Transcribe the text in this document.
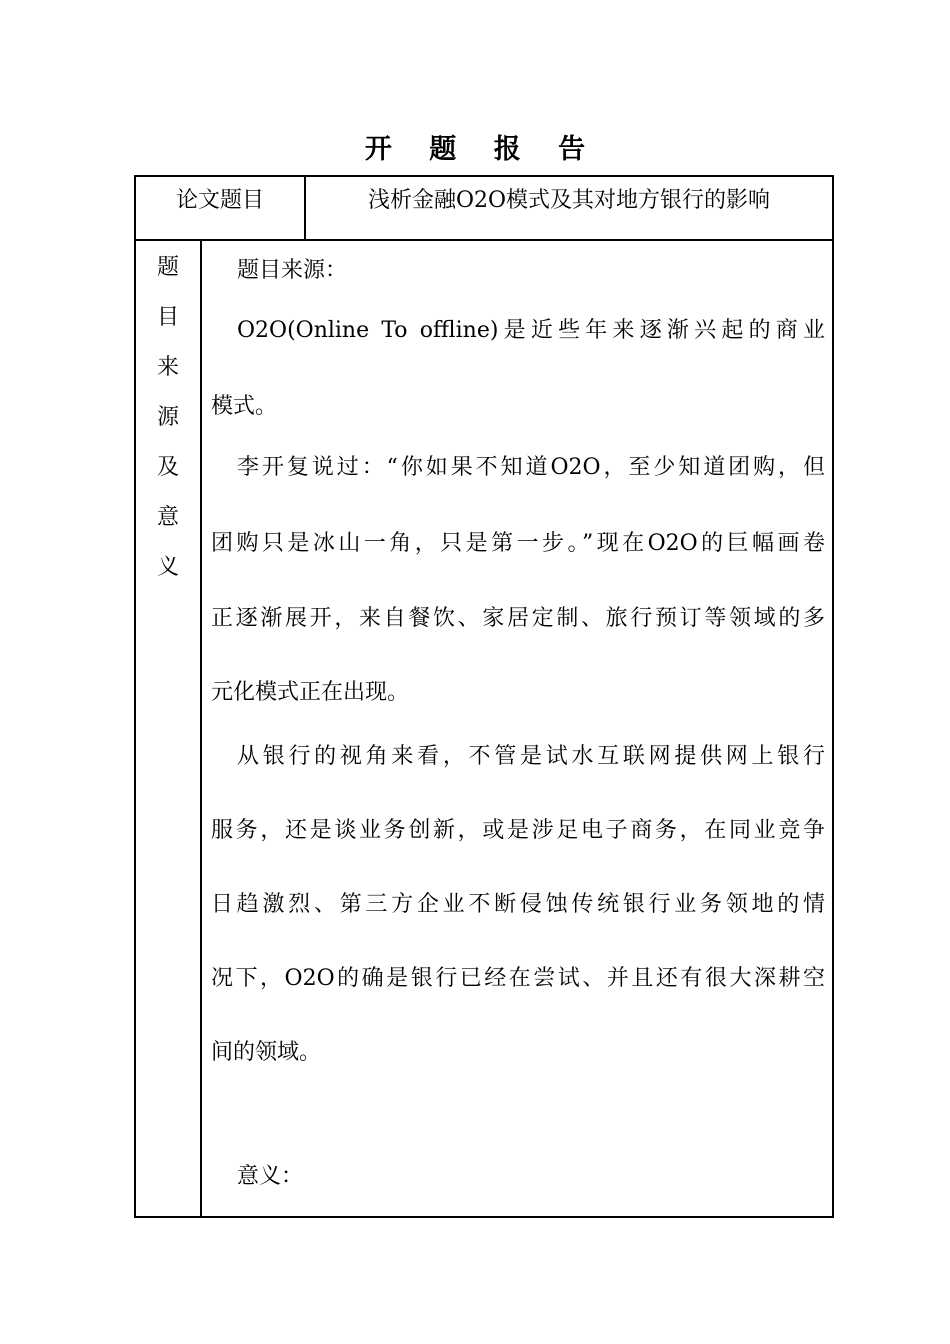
开 题 报 告
论文题目	浅析金融O2O模式及其对地方银行的影响
题
目
来
源
及
意
义
题目来源：
O2O(Online To offline)是近些年来逐渐兴起的商业
模式。
李开复说过：“你如果不知道O2O，至少知道团购，但
团购只是冰山一角，只是第一步。”现在O2O的巨幅画卷
正逐渐展开，来自餐饮、家居定制、旅行预订等领域的多
元化模式正在出现。
从银行的视角来看，不管是试水互联网提供网上银行
服务，还是谈业务创新，或是涉足电子商务，在同业竞争
日趋激烈、第三方企业不断侵蚀传统银行业务领地的情
况下，O2O的确是银行已经在尝试、并且还有很大深耕空
间的领域。
意义：
